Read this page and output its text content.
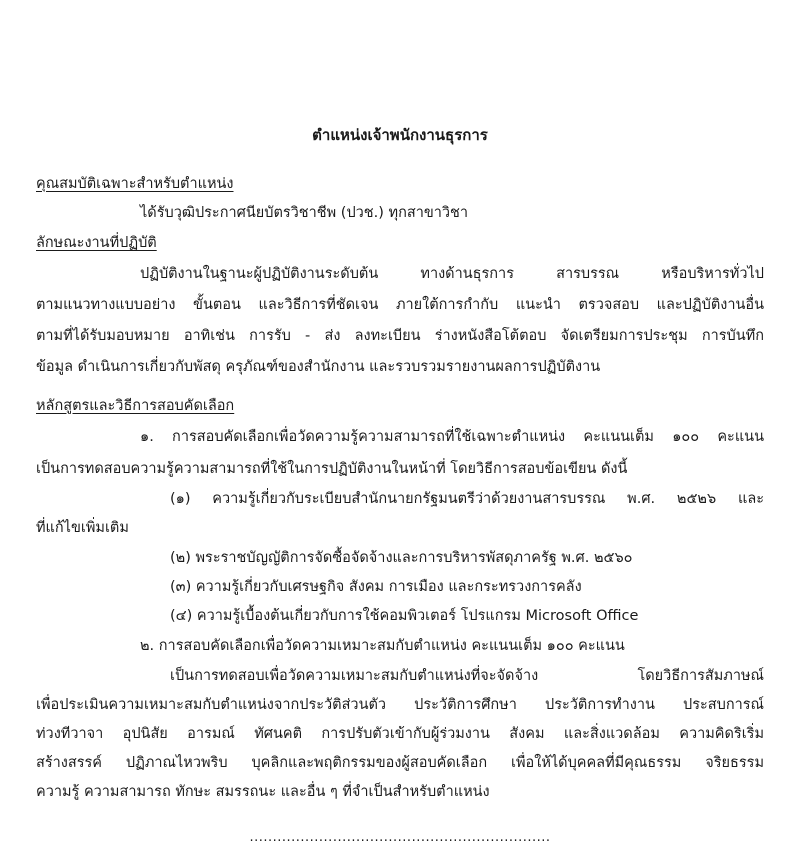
ตำแหน่งเจ้าพนักงานธุรการ
คุณสมบัติเฉพาะสำหรับตำแหน่ง
ได้รับวุฒิประกาศนียบัตรวิชาชีพ (ปวช.) ทุกสาขาวิชา
ลักษณะงานที่ปฏิบัติ
ปฏิบัติงานในฐานะผู้ปฏิบัติงานระดับต้น ทางด้านธุรการ สารบรรณ หรือบริหารทั่วไป
ตามแนวทางแบบอย่าง ขั้นตอน และวิธีการที่ชัดเจน ภายใต้การกำกับ แนะนำ ตรวจสอบ และปฏิบัติงานอื่น
ตามที่ได้รับมอบหมาย อาทิเช่น การรับ - ส่ง ลงทะเบียน ร่างหนังสือโต้ตอบ จัดเตรียมการประชุม การบันทึก
ข้อมูล ดำเนินการเกี่ยวกับพัสดุ ครุภัณฑ์ของสำนักงาน และรวบรวมรายงานผลการปฏิบัติงาน
หลักสูตรและวิธีการสอบคัดเลือก
๑. การสอบคัดเลือกเพื่อวัดความรู้ความสามารถที่ใช้เฉพาะตำแหน่ง คะแนนเต็ม ๑๐๐ คะแนน
เป็นการทดสอบความรู้ความสามารถที่ใช้ในการปฏิบัติงานในหน้าที่ โดยวิธีการสอบข้อเขียน ดังนี้
(๑) ความรู้เกี่ยวกับระเบียบสำนักนายกรัฐมนตรีว่าด้วยงานสารบรรณ พ.ศ. ๒๕๒๖ และ
ที่แก้ไขเพิ่มเติม
(๒) พระราชบัญญัติการจัดซื้อจัดจ้างและการบริหารพัสดุภาครัฐ พ.ศ. ๒๕๖๐
(๓) ความรู้เกี่ยวกับเศรษฐกิจ สังคม การเมือง และกระทรวงการคลัง
(๔) ความรู้เบื้องต้นเกี่ยวกับการใช้คอมพิวเตอร์ โปรแกรม Microsoft Office
๒. การสอบคัดเลือกเพื่อวัดความเหมาะสมกับตำแหน่ง คะแนนเต็ม ๑๐๐ คะแนน
เป็นการทดสอบเพื่อวัดความเหมาะสมกับตำแหน่งที่จะจัดจ้าง โดยวิธีการสัมภาษณ์
เพื่อประเมินความเหมาะสมกับตำแหน่งจากประวัติส่วนตัว ประวัติการศึกษา ประวัติการทำงาน ประสบการณ์
ท่วงทีวาจา อุปนิสัย อารมณ์ ทัศนคติ การปรับตัวเข้ากับผู้ร่วมงาน สังคม และสิ่งแวดล้อม ความคิดริเริ่ม
สร้างสรรค์ ปฏิภาณไหวพริบ บุคลิกและพฤติกรรมของผู้สอบคัดเลือก เพื่อให้ได้บุคคลที่มีคุณธรรม จริยธรรม
ความรู้ ความสามารถ ทักษะ สมรรถนะ และอื่น ๆ ที่จำเป็นสำหรับตำแหน่ง
.................................................................
